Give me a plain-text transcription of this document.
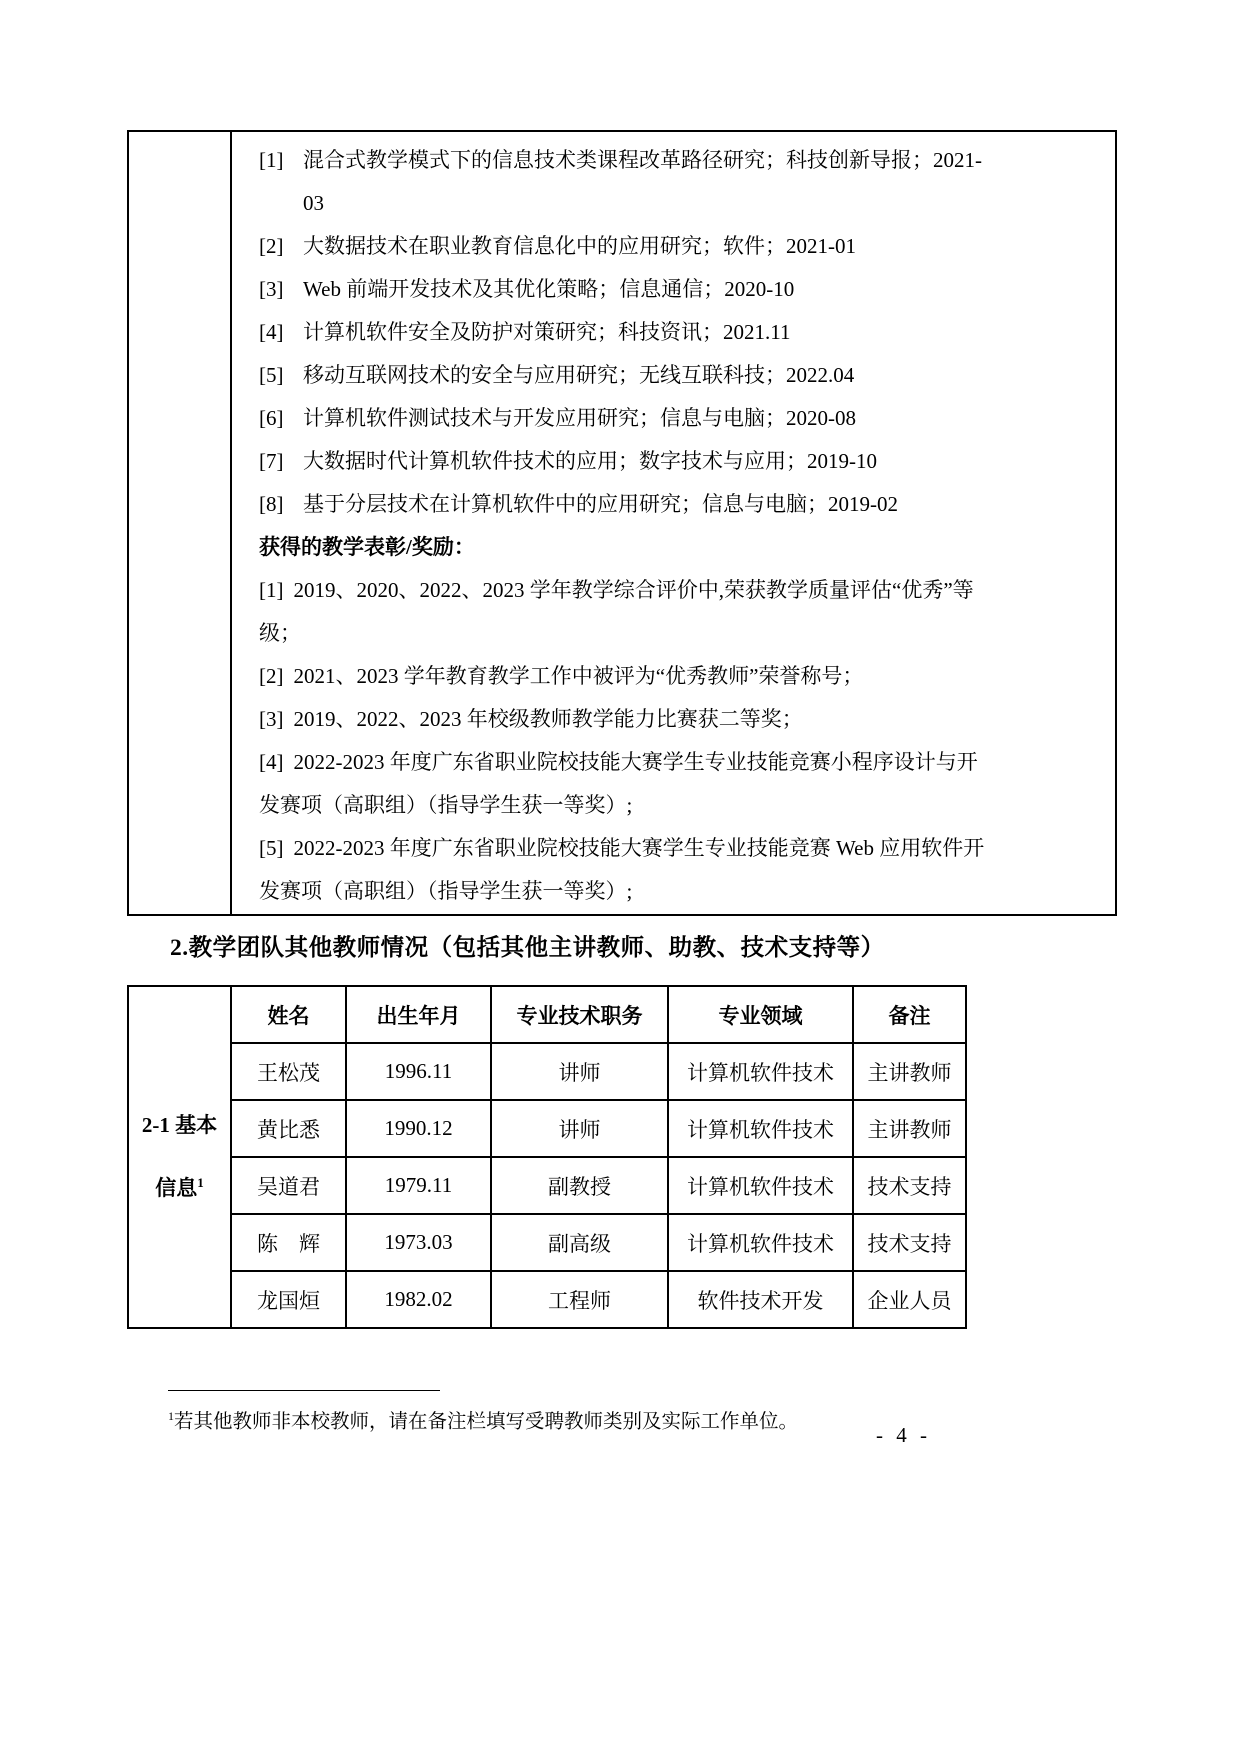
[1] 混合式教学模式下的信息技术类课程改革路径研究；科技创新导报；2021-03
[2] 大数据技术在职业教育信息化中的应用研究；软件；2021-01
[3] Web 前端开发技术及其优化策略；信息通信；2020-10
[4] 计算机软件安全及防护对策研究；科技资讯；2021.11
[5] 移动互联网技术的安全与应用研究；无线互联科技；2022.04
[6] 计算机软件测试技术与开发应用研究；信息与电脑；2020-08
[7] 大数据时代计算机软件技术的应用；数字技术与应用；2019-10
[8] 基于分层技术在计算机软件中的应用研究；信息与电脑；2019-02
获得的教学表彰/奖励：
[1] 2019、2020、2022、2023 学年教学综合评价中,荣获教学质量评估“优秀”等级；
[2] 2021、2023 学年教育教学工作中被评为“优秀教师”荣誉称号；
[3] 2019、2022、2023 年校级教师教学能力比赛获二等奖；
[4] 2022-2023 年度广东省职业院校技能大赛学生专业技能竞赛小程序设计与开发赛项（高职组）（指导学生获一等奖）;
[5] 2022-2023 年度广东省职业院校技能大赛学生专业技能竞赛 Web 应用软件开发赛项（高职组）（指导学生获一等奖）;
2.教学团队其他教师情况（包括其他主讲教师、助教、技术支持等）
2-1 基本
信息$^1$	姓名	出生年月	专业技术职务	专业领域	备注
	王松茂	1996.11	讲师	计算机软件技术	主讲教师
	黄比悉	1990.12	讲师	计算机软件技术	主讲教师
	吴道君	1979.11	副教授	计算机软件技术	技术支持
	陈　辉	1973.03	副高级	计算机软件技术	技术支持
	龙国烜	1982.02	工程师	软件技术开发	企业人员
$^1$若其他教师非本校教师，请在备注栏填写受聘教师类别及实际工作单位。
- 4 -
